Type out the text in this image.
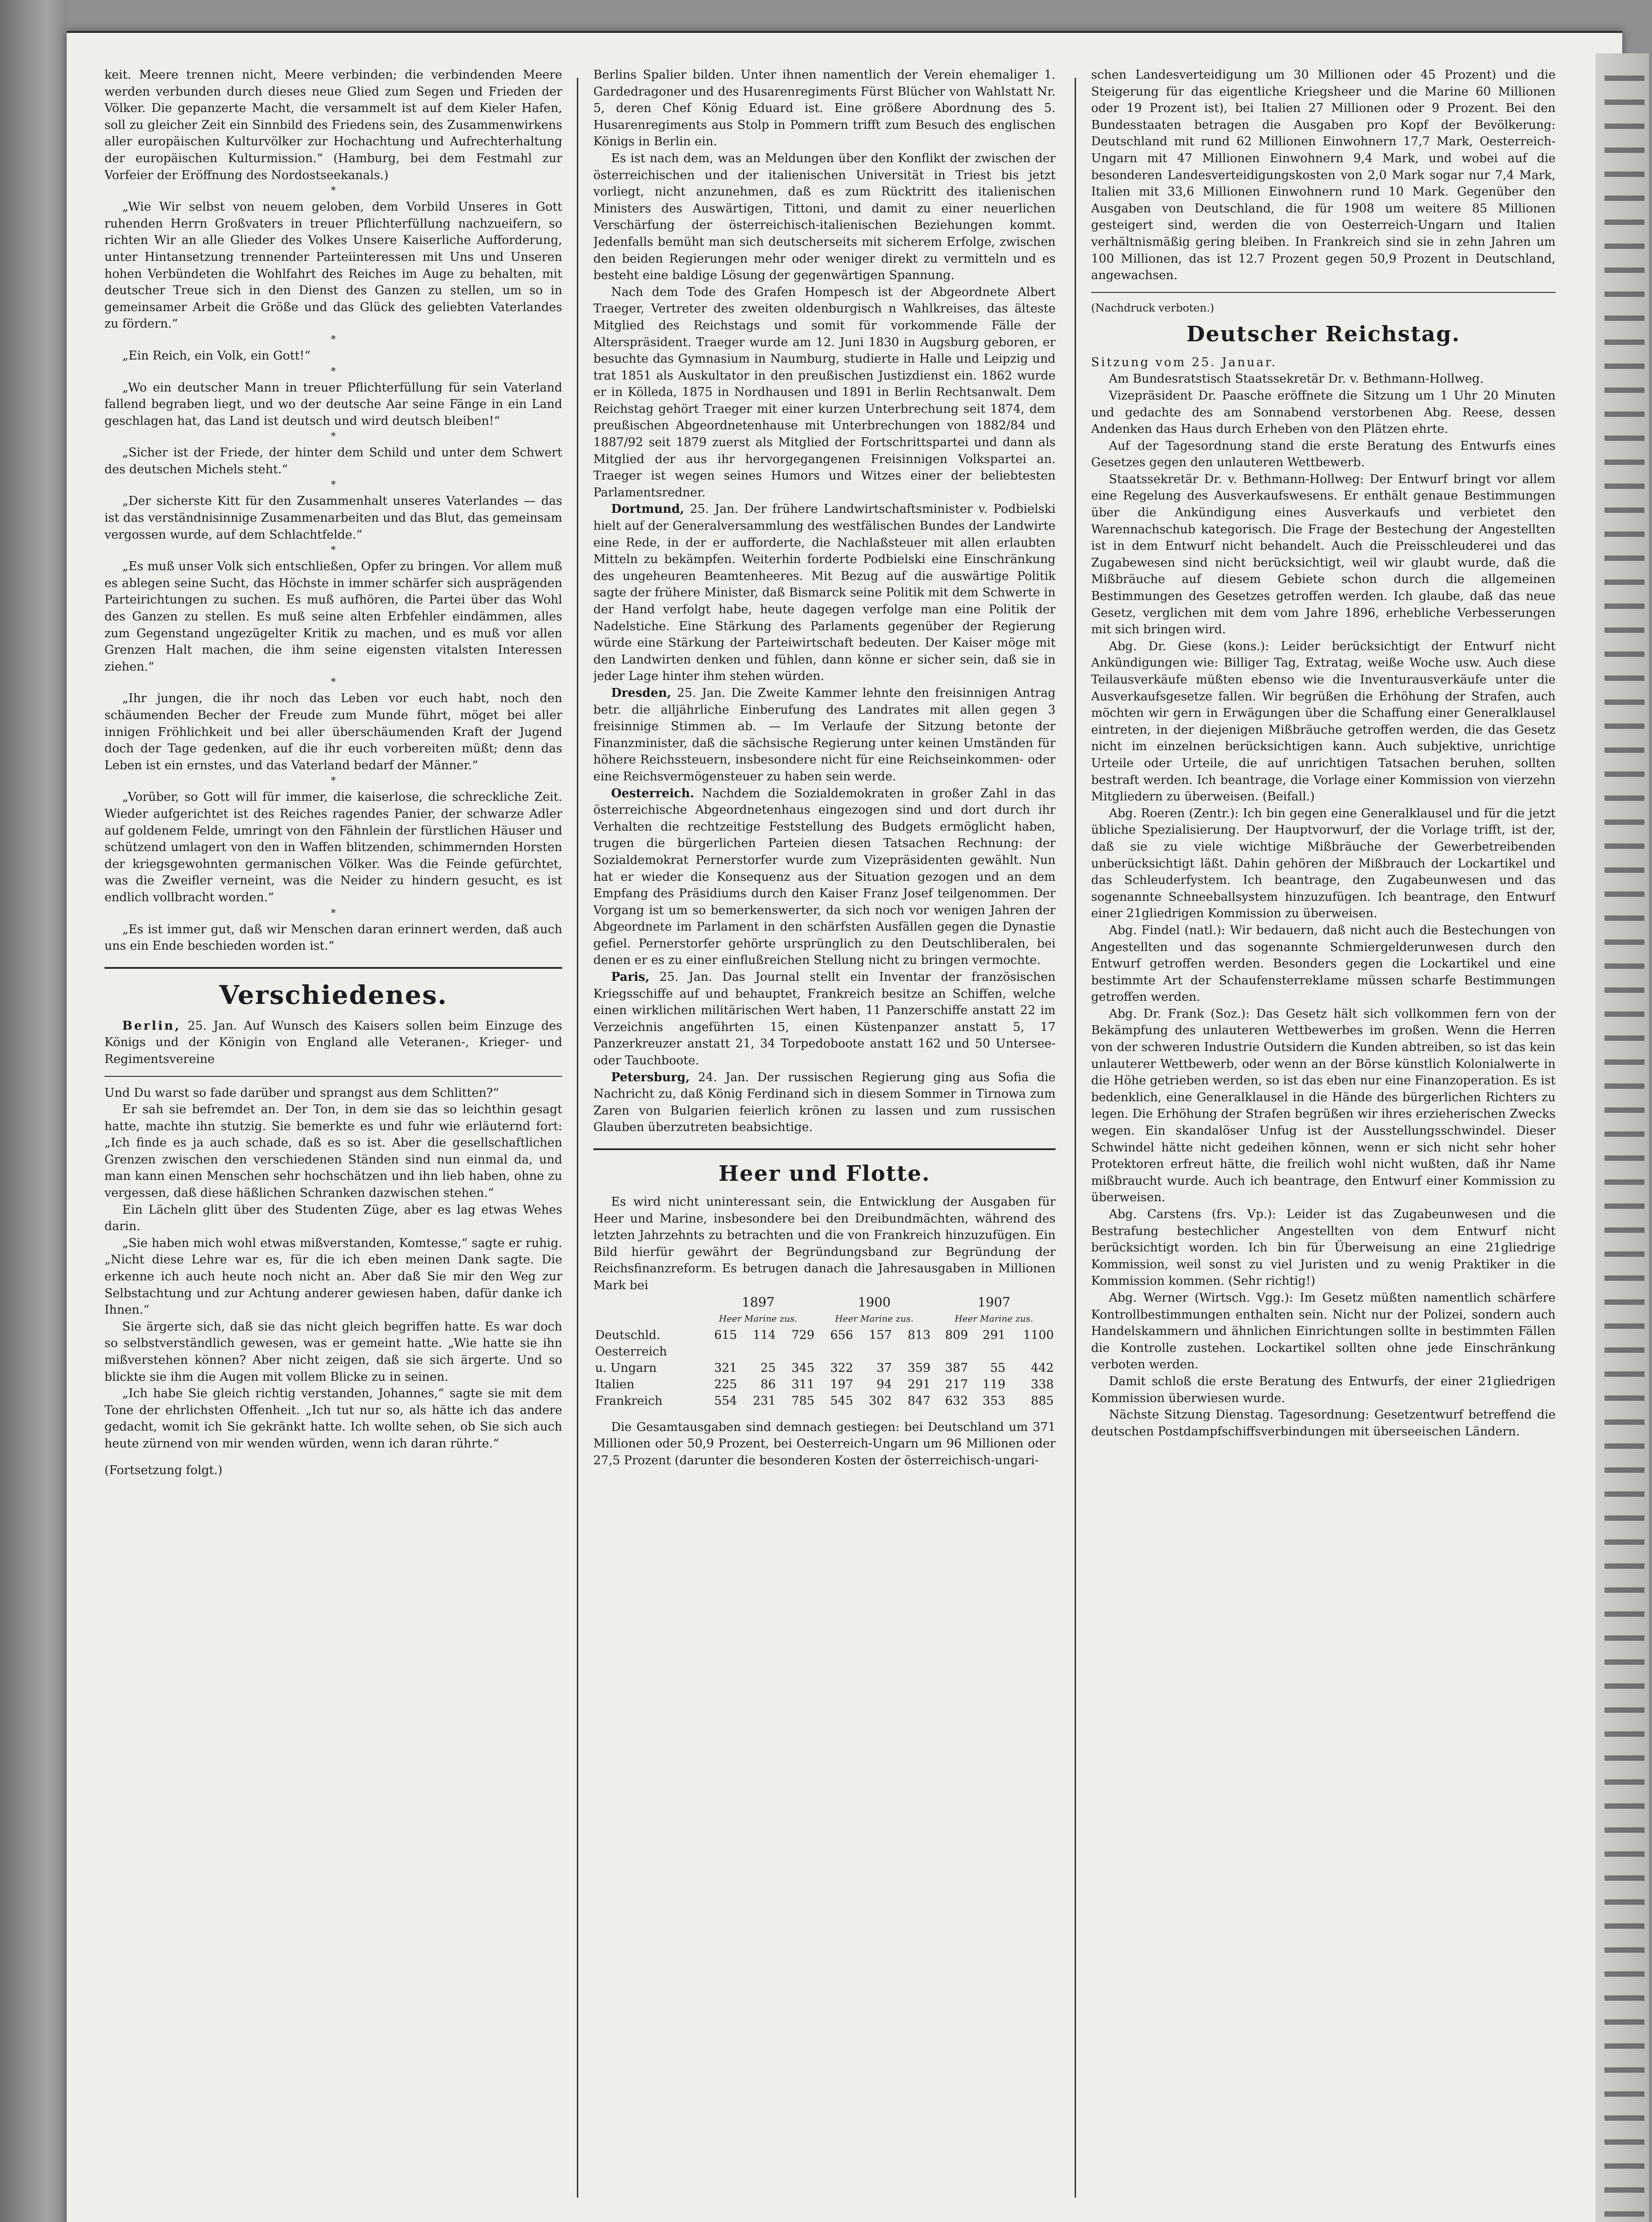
keit. Meere trennen nicht, Meere verbinden; die verbindenden Meere werden verbunden durch dieses neue Glied zum Segen und Frieden der Völker. Die gepanzerte Macht, die versammelt ist auf dem Kieler Hafen, soll zu gleicher Zeit ein Sinnbild des Friedens sein, des Zusammenwirkens aller europäischen Kulturvölker zur Hochachtung und Aufrechterhaltung der europäischen Kulturmission.“ (Hamburg, bei dem Festmahl zur Vorfeier der Eröffnung des Nordostseekanals.)

*

„Wie Wir selbst von neuem geloben, dem Vorbild Unseres in Gott ruhenden Herrn Großvaters in treuer Pflichterfüllung nachzueifern, so richten Wir an alle Glieder des Volkes Unsere Kaiserliche Aufforderung, unter Hintansetzung trennender Parteiinteressen mit Uns und Unseren hohen Verbündeten die Wohlfahrt des Reiches im Auge zu behalten, mit deutscher Treue sich in den Dienst des Ganzen zu stellen, um so in gemeinsamer Arbeit die Größe und das Glück des geliebten Vaterlandes zu fördern.“

*

„Ein Reich, ein Volk, ein Gott!“

*

„Wo ein deutscher Mann in treuer Pflichterfüllung für sein Vaterland fallend begraben liegt, und wo der deutsche Aar seine Fänge in ein Land geschlagen hat, das Land ist deutsch und wird deutsch bleiben!“

*

„Sicher ist der Friede, der hinter dem Schild und unter dem Schwert des deutschen Michels steht.“

*

„Der sicherste Kitt für den Zusammenhalt unseres Vaterlandes — das ist das verständnisinnige Zusammenarbeiten und das Blut, das gemeinsam vergossen wurde, auf dem Schlachtfelde.“

*

„Es muß unser Volk sich entschließen, Opfer zu bringen. Vor allem muß es ablegen seine Sucht, das Höchste in immer schärfer sich ausprägenden Parteirichtungen zu suchen. Es muß aufhören, die Partei über das Wohl des Ganzen zu stellen. Es muß seine alten Erbfehler eindämmen, alles zum Gegenstand ungezügelter Kritik zu machen, und es muß vor allen Grenzen Halt machen, die ihm seine eigensten vitalsten Interessen ziehen.“

*

„Ihr jungen, die ihr noch das Leben vor euch habt, noch den schäumenden Becher der Freude zum Munde führt, möget bei aller innigen Fröhlichkeit und bei aller überschäumenden Kraft der Jugend doch der Tage gedenken, auf die ihr euch vorbereiten müßt; denn das Leben ist ein ernstes, und das Vaterland bedarf der Männer.“

*

„Vorüber, so Gott will für immer, die kaiserlose, die schreckliche Zeit. Wieder aufgerichtet ist des Reiches ragendes Panier, der schwarze Adler auf goldenem Felde, umringt von den Fähnlein der fürstlichen Häuser und schützend umlagert von den in Waffen blitzenden, schimmernden Horsten der kriegsgewohnten germanischen Völker. Was die Feinde gefürchtet, was die Zweifler verneint, was die Neider zu hindern gesucht, es ist endlich vollbracht worden.“

*

„Es ist immer gut, daß wir Menschen daran erinnert werden, daß auch uns ein Ende beschieden worden ist.“

Verschiedenes.

Berlin, 25. Jan. Auf Wunsch des Kaisers sollen beim Einzuge des Königs und der Königin von England alle Veteranen-, Krieger- und Regimentsvereine

Und Du warst so fade darüber und sprangst aus dem Schlitten?“

Er sah sie befremdet an. Der Ton, in dem sie das so leichthin gesagt hatte, machte ihn stutzig. Sie bemerkte es und fuhr wie erläuternd fort: „Ich finde es ja auch schade, daß es so ist. Aber die gesellschaftlichen Grenzen zwischen den verschiedenen Ständen sind nun einmal da, und man kann einen Menschen sehr hochschätzen und ihn lieb haben, ohne zu vergessen, daß diese häßlichen Schranken dazwischen stehen.“

Ein Lächeln glitt über des Studenten Züge, aber es lag etwas Wehes darin.

„Sie haben mich wohl etwas mißverstanden, Komtesse,“ sagte er ruhig. „Nicht diese Lehre war es, für die ich eben meinen Dank sagte. Die erkenne ich auch heute noch nicht an. Aber daß Sie mir den Weg zur Selbstachtung und zur Achtung anderer gewiesen haben, dafür danke ich Ihnen.“

Sie ärgerte sich, daß sie das nicht gleich begriffen hatte. Es war doch so selbstverständlich gewesen, was er gemeint hatte. „Wie hatte sie ihn mißverstehen können? Aber nicht zeigen, daß sie sich ärgerte. Und so blickte sie ihm die Augen mit vollem Blicke zu in seinen.

„Ich habe Sie gleich richtig verstanden, Johannes,“ sagte sie mit dem Tone der ehrlichsten Offenheit. „Ich tut nur so, als hätte ich das andere gedacht, womit ich Sie gekränkt hatte. Ich wollte sehen, ob Sie sich auch heute zürnend von mir wenden würden, wenn ich daran rührte.“

(Fortsetzung folgt.)

Berlins Spalier bilden. Unter ihnen namentlich der Verein ehemaliger 1. Gardedragoner und des Husarenregiments Fürst Blücher von Wahlstatt Nr. 5, deren Chef König Eduard ist. Eine größere Abordnung des 5. Husarenregiments aus Stolp in Pommern trifft zum Besuch des englischen Königs in Berlin ein.

Es ist nach dem, was an Meldungen über den Konflikt der zwischen der österreichischen und der italienischen Universität in Triest bis jetzt vorliegt, nicht anzunehmen, daß es zum Rücktritt des italienischen Ministers des Auswärtigen, Tittoni, und damit zu einer neuerlichen Verschärfung der österreichisch-italienischen Beziehungen kommt. Jedenfalls bemüht man sich deutscherseits mit sicherem Erfolge, zwischen den beiden Regierungen mehr oder weniger direkt zu vermitteln und es besteht eine baldige Lösung der gegenwärtigen Spannung.

Nach dem Tode des Grafen Hompesch ist der Abgeordnete Albert Traeger, Vertreter des zweiten oldenburgisch n Wahlkreises, das älteste Mitglied des Reichstags und somit für vorkommende Fälle der Alterspräsident. Traeger wurde am 12. Juni 1830 in Augsburg geboren, er besuchte das Gymnasium in Naumburg, studierte in Halle und Leipzig und trat 1851 als Auskultator in den preußischen Justizdienst ein. 1862 wurde er in Kölleda, 1875 in Nordhausen und 1891 in Berlin Rechtsanwalt. Dem Reichstag gehört Traeger mit einer kurzen Unterbrechung seit 1874, dem preußischen Abgeordnetenhause mit Unterbrechungen von 1882/84 und 1887/92 seit 1879 zuerst als Mitglied der Fortschrittspartei und dann als Mitglied der aus ihr hervorgegangenen Freisinnigen Volkspartei an. Traeger ist wegen seines Humors und Witzes einer der beliebtesten Parlamentsredner.

Dortmund, 25. Jan. Der frühere Landwirtschaftsminister v. Podbielski hielt auf der Generalversammlung des westfälischen Bundes der Landwirte eine Rede, in der er aufforderte, die Nachlaßsteuer mit allen erlaubten Mitteln zu bekämpfen. Weiterhin forderte Podbielski eine Einschränkung des ungeheuren Beamtenheeres. Mit Bezug auf die auswärtige Politik sagte der frühere Minister, daß Bismarck seine Politik mit dem Schwerte in der Hand verfolgt habe, heute dagegen verfolge man eine Politik der Nadelstiche. Eine Stärkung des Parlaments gegenüber der Regierung würde eine Stärkung der Parteiwirtschaft bedeuten. Der Kaiser möge mit den Landwirten denken und fühlen, dann könne er sicher sein, daß sie in jeder Lage hinter ihm stehen würden.

Dresden, 25. Jan. Die Zweite Kammer lehnte den freisinnigen Antrag betr. die alljährliche Einberufung des Landrates mit allen gegen 3 freisinnige Stimmen ab. — Im Verlaufe der Sitzung betonte der Finanzminister, daß die sächsische Regierung unter keinen Umständen für höhere Reichssteuern, insbesondere nicht für eine Reichseinkommen- oder eine Reichsvermögensteuer zu haben sein werde.

Oesterreich. Nachdem die Sozialdemokraten in großer Zahl in das österreichische Abgeordnetenhaus eingezogen sind und dort durch ihr Verhalten die rechtzeitige Feststellung des Budgets ermöglicht haben, trugen die bürgerlichen Parteien diesen Tatsachen Rechnung: der Sozialdemokrat Pernerstorfer wurde zum Vizepräsidenten gewählt. Nun hat er wieder die Konsequenz aus der Situation gezogen und an dem Empfang des Präsidiums durch den Kaiser Franz Josef teilgenommen. Der Vorgang ist um so bemerkenswerter, da sich noch vor wenigen Jahren der Abgeordnete im Parlament in den schärfsten Ausfällen gegen die Dynastie gefiel. Pernerstorfer gehörte ursprünglich zu den Deutschliberalen, bei denen er es zu einer einflußreichen Stellung nicht zu bringen vermochte.

Paris, 25. Jan. Das Journal stellt ein Inventar der französischen Kriegsschiffe auf und behauptet, Frankreich besitze an Schiffen, welche einen wirklichen militärischen Wert haben, 11 Panzerschiffe anstatt 22 im Verzeichnis angeführten 15, einen Küstenpanzer anstatt 5, 17 Panzerkreuzer anstatt 21, 34 Torpedoboote anstatt 162 und 50 Untersee- oder Tauchboote.

Petersburg, 24. Jan. Der russischen Regierung ging aus Sofia die Nachricht zu, daß König Ferdinand sich in diesem Sommer in Tirnowa zum Zaren von Bulgarien feierlich krönen zu lassen und zum russischen Glauben überzutreten beabsichtige.

Heer und Flotte.

Es wird nicht uninteressant sein, die Entwicklung der Ausgaben für Heer und Marine, insbesondere bei den Dreibundmächten, während des letzten Jahrzehnts zu betrachten und die von Frankreich hinzuzufügen. Ein Bild hierfür gewährt der Begründungsband zur Begründung der Reichsfinanzreform. Es betrugen danach die Jahresausgaben in Millionen Mark bei

	1897			1900			1907		
	Heer Marine zus.			Heer Marine zus.			Heer Marine zus.		
Deutschld.	615	114	729	656	157	813	809	291	1100
Oesterreich									
u. Ungarn	321	25	345	322	37	359	387	55	442
Italien	225	86	311	197	94	291	217	119	338
Frankreich	554	231	785	545	302	847	632	353	885

Die Gesamtausgaben sind demnach gestiegen: bei Deutschland um 371 Millionen oder 50,9 Prozent, bei Oesterreich-Ungarn um 96 Millionen oder 27,5 Prozent (darunter die besonderen Kosten der österreichisch-ungari-

schen Landesverteidigung um 30 Millionen oder 45 Prozent) und die Steigerung für das eigentliche Kriegsheer und die Marine 60 Millionen oder 19 Prozent ist), bei Italien 27 Millionen oder 9 Prozent. Bei den Bundesstaaten betragen die Ausgaben pro Kopf der Bevölkerung: Deutschland mit rund 62 Millionen Einwohnern 17,7 Mark, Oesterreich-Ungarn mit 47 Millionen Einwohnern 9,4 Mark, und wobei auf die besonderen Landesverteidigungskosten von 2,0 Mark sogar nur 7,4 Mark, Italien mit 33,6 Millionen Einwohnern rund 10 Mark. Gegenüber den Ausgaben von Deutschland, die für 1908 um weitere 85 Millionen gesteigert sind, werden die von Oesterreich-Ungarn und Italien verhältnismäßig gering bleiben. In Frankreich sind sie in zehn Jahren um 100 Millionen, das ist 12.7 Prozent gegen 50,9 Prozent in Deutschland, angewachsen.

(Nachdruck verboten.)

Deutscher Reichstag.

Sitzung vom 25. Januar.

Am Bundesratstisch Staatssekretär Dr. v. Bethmann-Hollweg.

Vizepräsident Dr. Paasche eröffnete die Sitzung um 1 Uhr 20 Minuten und gedachte des am Sonnabend verstorbenen Abg. Reese, dessen Andenken das Haus durch Erheben von den Plätzen ehrte.

Auf der Tagesordnung stand die erste Beratung des Entwurfs eines Gesetzes gegen den unlauteren Wettbewerb.

Staatssekretär Dr. v. Bethmann-Hollweg: Der Entwurf bringt vor allem eine Regelung des Ausverkaufswesens. Er enthält genaue Bestimmungen über die Ankündigung eines Ausverkaufs und verbietet den Warennachschub kategorisch. Die Frage der Bestechung der Angestellten ist in dem Entwurf nicht behandelt. Auch die Preisschleuderei und das Zugabewesen sind nicht berücksichtigt, weil wir glaubt wurde, daß die Mißbräuche auf diesem Gebiete schon durch die allgemeinen Bestimmungen des Gesetzes getroffen werden. Ich glaube, daß das neue Gesetz, verglichen mit dem vom Jahre 1896, erhebliche Verbesserungen mit sich bringen wird.

Abg. Dr. Giese (kons.): Leider berücksichtigt der Entwurf nicht Ankündigungen wie: Billiger Tag, Extratag, weiße Woche usw. Auch diese Teilausverkäufe müßten ebenso wie die Inventurausverkäufe unter die Ausverkaufsgesetze fallen. Wir begrüßen die Erhöhung der Strafen, auch möchten wir gern in Erwägungen über die Schaffung einer Generalklausel eintreten, in der diejenigen Mißbräuche getroffen werden, die das Gesetz nicht im einzelnen berücksichtigen kann. Auch subjektive, unrichtige Urteile oder Urteile, die auf unrichtigen Tatsachen beruhen, sollten bestraft werden. Ich beantrage, die Vorlage einer Kommission von vierzehn Mitgliedern zu überweisen. (Beifall.)

Abg. Roeren (Zentr.): Ich bin gegen eine Generalklausel und für die jetzt übliche Spezialisierung. Der Hauptvorwurf, der die Vorlage trifft, ist der, daß sie zu viele wichtige Mißbräuche der Gewerbetreibenden unberücksichtigt läßt. Dahin gehören der Mißbrauch der Lockartikel und das Schleuderfystem. Ich beantrage, den Zugabeunwesen und das sogenannte Schneeballsystem hinzuzufügen. Ich beantrage, den Entwurf einer 21gliedrigen Kommission zu überweisen.

Abg. Findel (natl.): Wir bedauern, daß nicht auch die Bestechungen von Angestellten und das sogenannte Schmiergelderunwesen durch den Entwurf getroffen werden. Besonders gegen die Lockartikel und eine bestimmte Art der Schaufensterreklame müssen scharfe Bestimmungen getroffen werden.

Abg. Dr. Frank (Soz.): Das Gesetz hält sich vollkommen fern von der Bekämpfung des unlauteren Wettbewerbes im großen. Wenn die Herren von der schweren Industrie Outsidern die Kunden abtreiben, so ist das kein unlauterer Wettbewerb, oder wenn an der Börse künstlich Kolonialwerte in die Höhe getrieben werden, so ist das eben nur eine Finanzoperation. Es ist bedenklich, eine Generalklausel in die Hände des bürgerlichen Richters zu legen. Die Erhöhung der Strafen begrüßen wir ihres erzieherischen Zwecks wegen. Ein skandalöser Unfug ist der Ausstellungsschwindel. Dieser Schwindel hätte nicht gedeihen können, wenn er sich nicht sehr hoher Protektoren erfreut hätte, die freilich wohl nicht wußten, daß ihr Name mißbraucht wurde. Auch ich beantrage, den Entwurf einer Kommission zu überweisen.

Abg. Carstens (frs. Vp.): Leider ist das Zugabeunwesen und die Bestrafung bestechlicher Angestellten von dem Entwurf nicht berücksichtigt worden. Ich bin für Überweisung an eine 21gliedrige Kommission, weil sonst zu viel Juristen und zu wenig Praktiker in die Kommission kommen. (Sehr richtig!)

Abg. Werner (Wirtsch. Vgg.): Im Gesetz müßten namentlich schärfere Kontrollbestimmungen enthalten sein. Nicht nur der Polizei, sondern auch Handelskammern und ähnlichen Einrichtungen sollte in bestimmten Fällen die Kontrolle zustehen. Lockartikel sollten ohne jede Einschränkung verboten werden.

Damit schloß die erste Beratung des Entwurfs, der einer 21gliedrigen Kommission überwiesen wurde.

Nächste Sitzung Dienstag. Tagesordnung: Gesetzentwurf betreffend die deutschen Postdampfschiffsverbindungen mit überseeischen Ländern.
